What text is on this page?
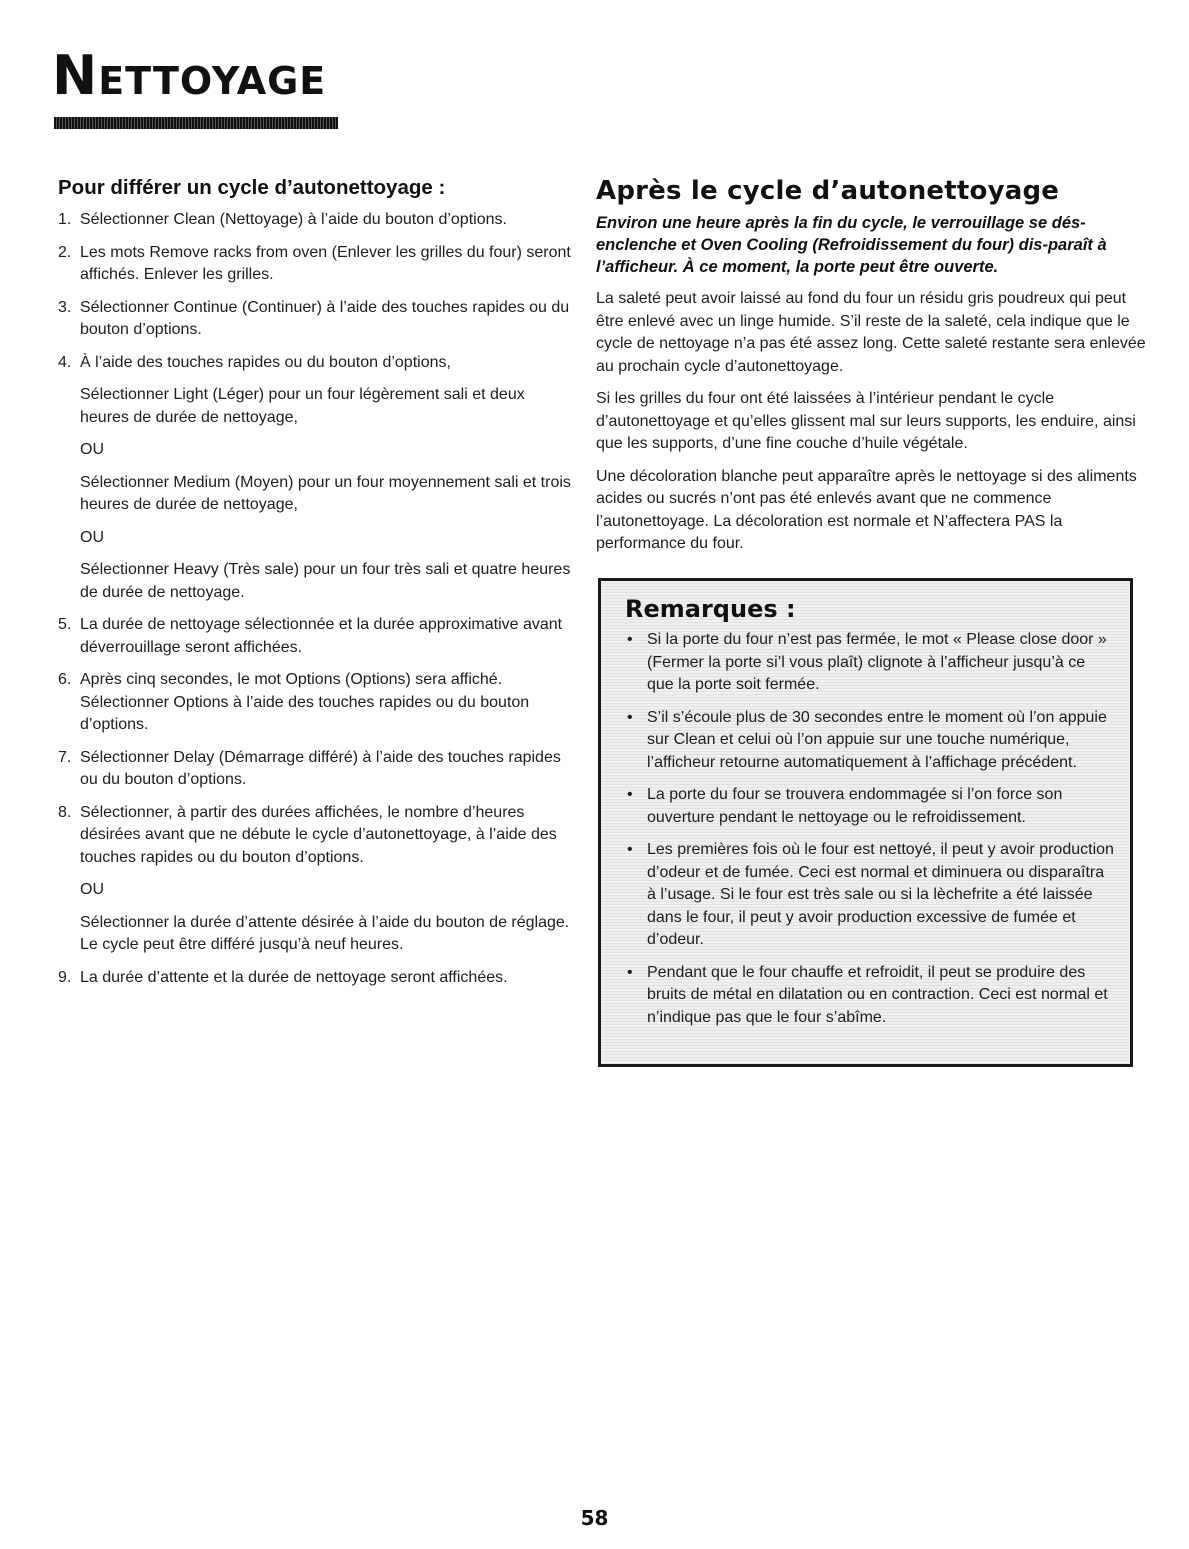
NETTOYAGE
Pour différer un cycle d’autonettoyage :
1. Sélectionner Clean (Nettoyage) à l’aide du bouton d’options.

2. Les mots Remove racks from oven (Enlever les grilles du four) seront affichés. Enlever les grilles.

3. Sélectionner Continue (Continuer) à l’aide des touches rapides ou du bouton d’options.

4. À l’aide des touches rapides ou du bouton d’options,

Sélectionner Light (Léger) pour un four légèrement sali et deux heures de durée de nettoyage,

OU

Sélectionner Medium (Moyen) pour un four moyennement sali et trois heures de durée de nettoyage,

OU

Sélectionner Heavy (Très sale) pour un four très sali et quatre heures de durée de nettoyage.

5. La durée de nettoyage sélectionnée et la durée approximative avant déverrouillage seront affichées.

6. Après cinq secondes, le mot Options (Options) sera affiché. Sélectionner Options à l’aide des touches rapides ou du bouton d’options.

7. Sélectionner Delay (Démarrage différé) à l’aide des touches rapides ou du bouton d’options.

8. Sélectionner, à partir des durées affichées, le nombre d’heures désirées avant que ne débute le cycle d’autonettoyage, à l’aide des touches rapides ou du bouton d’options.

OU

Sélectionner la durée d’attente désirée à l’aide du bouton de réglage. Le cycle peut être différé jusqu’à neuf heures.

9. La durée d’attente et la durée de nettoyage seront affichées.

Après le cycle d’autonettoyage

Environ une heure après la fin du cycle, le verrouillage se dés-enclenche et Oven Cooling (Refroidissement du four) dis-paraît à l’afficheur. À ce moment, la porte peut être ouverte.

La saleté peut avoir laissé au fond du four un résidu gris poudreux qui peut être enlevé avec un linge humide. S’il reste de la saleté, cela indique que le cycle de nettoyage n’a pas été assez long. Cette saleté restante sera enlevée au prochain cycle d’autonettoyage.

Si les grilles du four ont été laissées à l’intérieur pendant le cycle d’autonettoyage et qu’elles glissent mal sur leurs supports, les enduire, ainsi que les supports, d’une fine couche d’huile végétale.

Une décoloration blanche peut apparaître après le nettoyage si des aliments acides ou sucrés n’ont pas été enlevés avant que ne commence l’autonettoyage. La décoloration est normale et N’affectera PAS la performance du four.

Remarques :
• Si la porte du four n’est pas fermée, le mot « Please close door » (Fermer la porte si’l vous plaît) clignote à l’afficheur jusqu’à ce que la porte soit fermée.
• S’il s’écoule plus de 30 secondes entre le moment où l’on appuie sur Clean et celui où l’on appuie sur une touche numérique, l’afficheur retourne automatiquement à l’affichage précédent.
• La porte du four se trouvera endommagée si l’on force son ouverture pendant le nettoyage ou le refroidissement.
• Les premières fois où le four est nettoyé, il peut y avoir production d’odeur et de fumée. Ceci est normal et diminuera ou disparaîtra à l’usage. Si le four est très sale ou si la lèchefrite a été laissée dans le four, il peut y avoir production excessive de fumée et d’odeur.
• Pendant que le four chauffe et refroidit, il peut se produire des bruits de métal en dilatation ou en contraction. Ceci est normal et n’indique pas que le four s’abîme.
58
